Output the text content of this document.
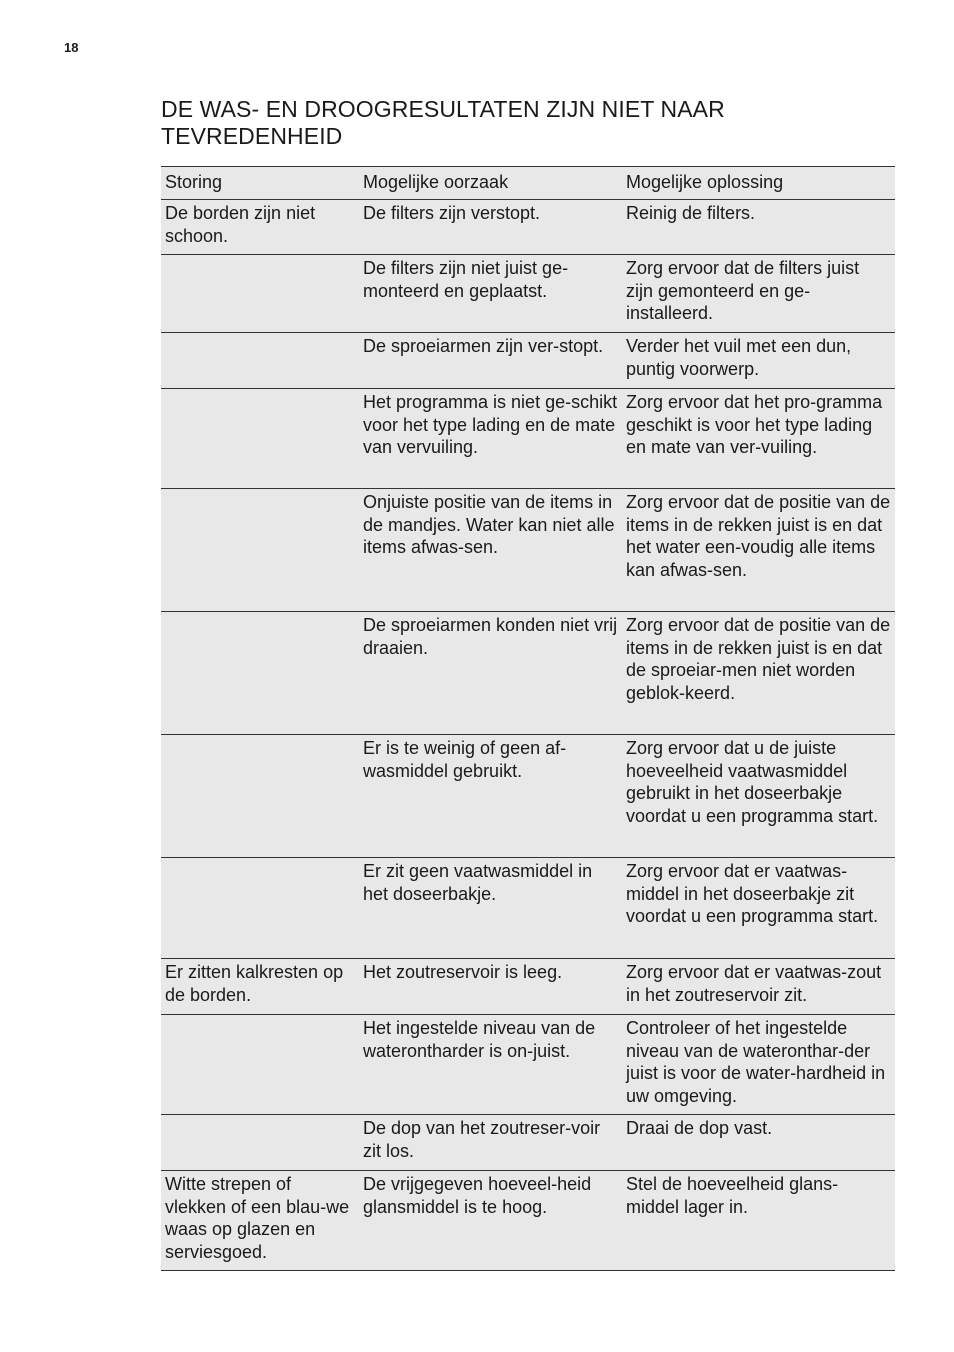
18
DE WAS- EN DROOGRESULTATEN ZIJN NIET NAAR TEVREDENHEID
Storing	Mogelijke oorzaak	Mogelijke oplossing
De borden zijn niet schoon.	De filters zijn verstopt.	Reinig de filters.
	De filters zijn niet juist ge-monteerd en geplaatst.	Zorg ervoor dat de filters juist zijn gemonteerd en ge-installeerd.
	De sproeiarmen zijn ver-stopt.	Verder het vuil met een dun, puntig voorwerp.
	Het programma is niet ge-schikt voor het type lading en de mate van vervuiling.	Zorg ervoor dat het pro-gramma geschikt is voor het type lading en mate van ver-vuiling.
	Onjuiste positie van de items in de mandjes. Water kan niet alle items afwas-sen.	Zorg ervoor dat de positie van de items in de rekken juist is en dat het water een-voudig alle items kan afwas-sen.
	De sproeiarmen konden niet vrij draaien.	Zorg ervoor dat de positie van de items in de rekken juist is en dat de sproeiar-men niet worden geblok-keerd.
	Er is te weinig of geen af-wasmiddel gebruikt.	Zorg ervoor dat u de juiste hoeveelheid vaatwasmiddel gebruikt in het doseerbakje voordat u een programma start.
	Er zit geen vaatwasmiddel in het doseerbakje.	Zorg ervoor dat er vaatwas-middel in het doseerbakje zit voordat u een programma start.
Er zitten kalkresten op de borden.	Het zoutreservoir is leeg.	Zorg ervoor dat er vaatwas-zout in het zoutreservoir zit.
	Het ingestelde niveau van de waterontharder is on-juist.	Controleer of het ingestelde niveau van de wateronthar-der juist is voor de water-hardheid in uw omgeving.
	De dop van het zoutreser-voir zit los.	Draai de dop vast.
Witte strepen of vlekken of een blau-we waas op glazen en serviesgoed.	De vrijgegeven hoeveel-heid glansmiddel is te hoog.	Stel de hoeveelheid glans-middel lager in.
